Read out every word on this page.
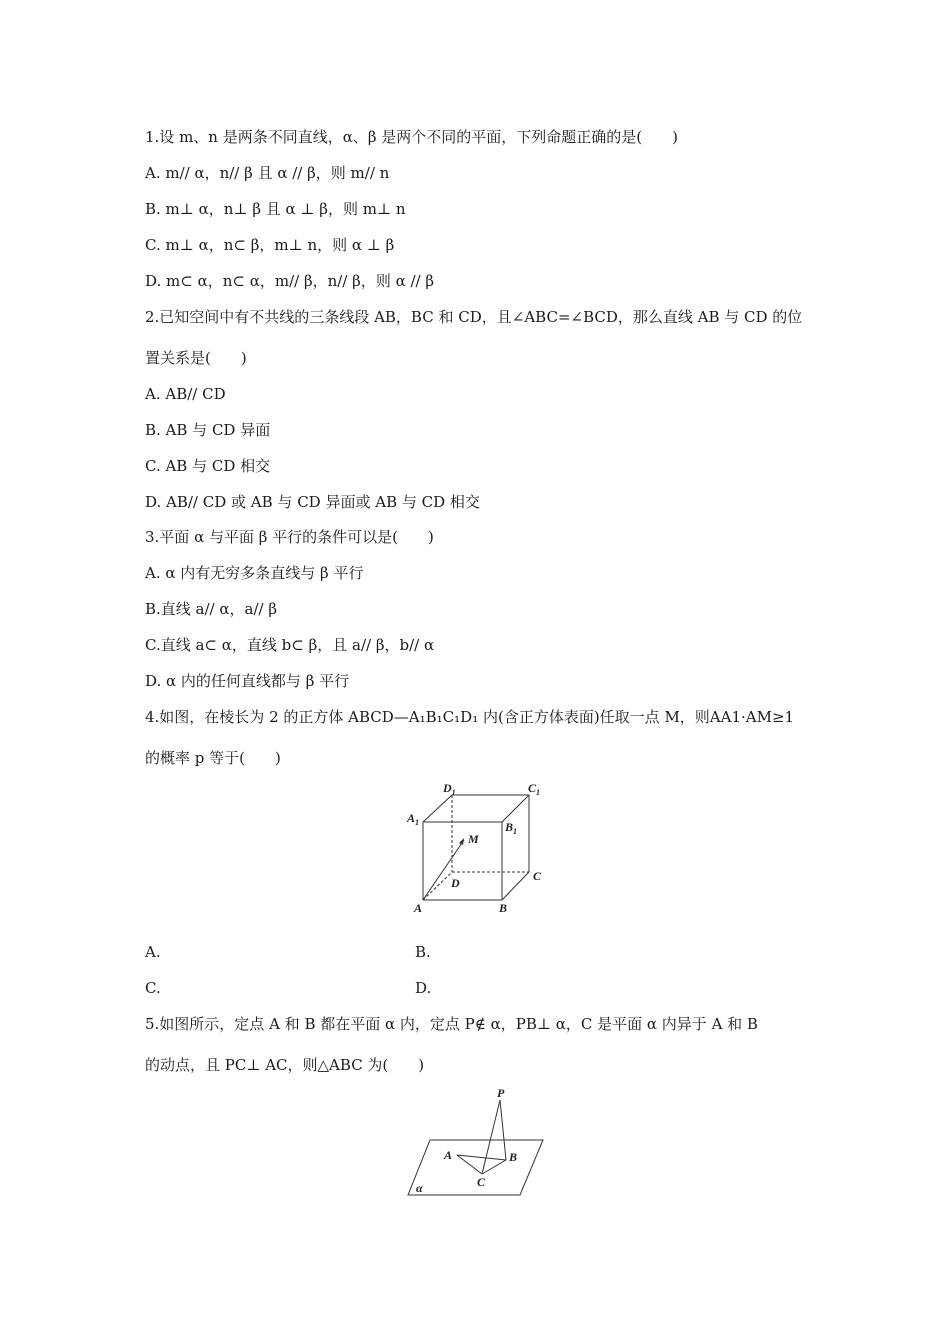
1.设 m、n 是两条不同直线，α、β 是两个不同的平面，下列命题正确的是(　　)
A. m// α，n// β 且 α // β，则 m// n
B. m⊥ α，n⊥ β 且 α ⊥ β，则 m⊥ n
C. m⊥ α，n⊂ β，m⊥ n，则 α ⊥ β
D. m⊂ α，n⊂ α，m// β，n// β，则 α // β
2.已知空间中有不共线的三条线段 AB，BC 和 CD，且∠ABC=∠BCD，那么直线 AB 与 CD 的位
置关系是(　　)
A. AB// CD
B. AB 与 CD 异面
C. AB 与 CD 相交
D. AB// CD 或 AB 与 CD 异面或 AB 与 CD 相交
3.平面 α 与平面 β 平行的条件可以是(　　)
A. α 内有无穷多条直线与 β 平行
B.直线 a// α，a// β
C.直线 a⊂ α，直线 b⊂ β，且 a// β，b// α
D. α 内的任何直线都与 β 平行
4.如图，在棱长为 2 的正方体 ABCD—A₁B₁C₁D₁ 内(含正方体表面)任取一点 M，则AA1·AM≥1
的概率 p 等于(　　)
$D_1$	$C_1$
$A_1$	$B_1$
M
D	C
A	B
A.	B.
C.	D.
5.如图所示，定点 A 和 B 都在平面 α 内，定点 P∉ α，PB⊥ α，C 是平面 α 内异于 A 和 B
的动点，且 PC⊥ AC，则△ABC 为(　　)
P
A	B
C
α
